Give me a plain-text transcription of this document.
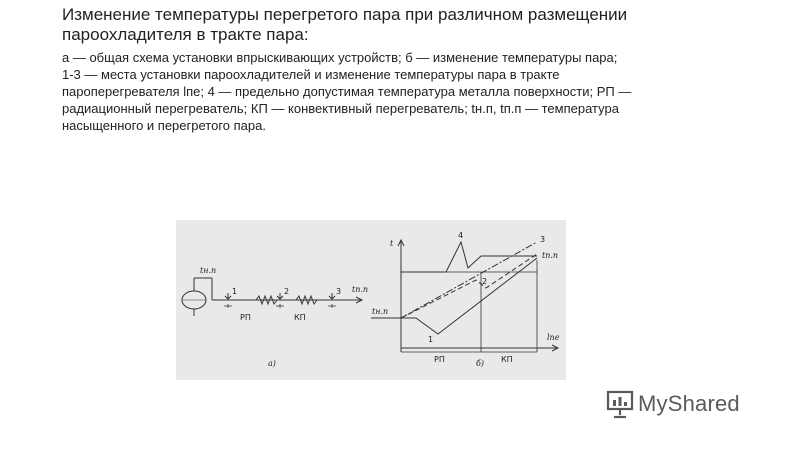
Изменение температуры перегретого пара при различном размещении пароохладителя в тракте пара:
а — общая схема установки впрыскивающих устройств; б — изменение температуры пара;
1-3 — места установки пароохладителей и изменение температуры пара в тракте
пароперегревателя lпе; 4 — предельно допустимая температура металла поверхности; РП —
радиационный перегреватель; КП — конвективный перегреватель; tн.п, tп.п — температура
насыщенного и перегретого пара.
tн.п
tп.п
1	2	3
РП	КП
а)
t
lпе
tн.п
tп.п
1
2
3
4
РП	КП
б)
MyShared
